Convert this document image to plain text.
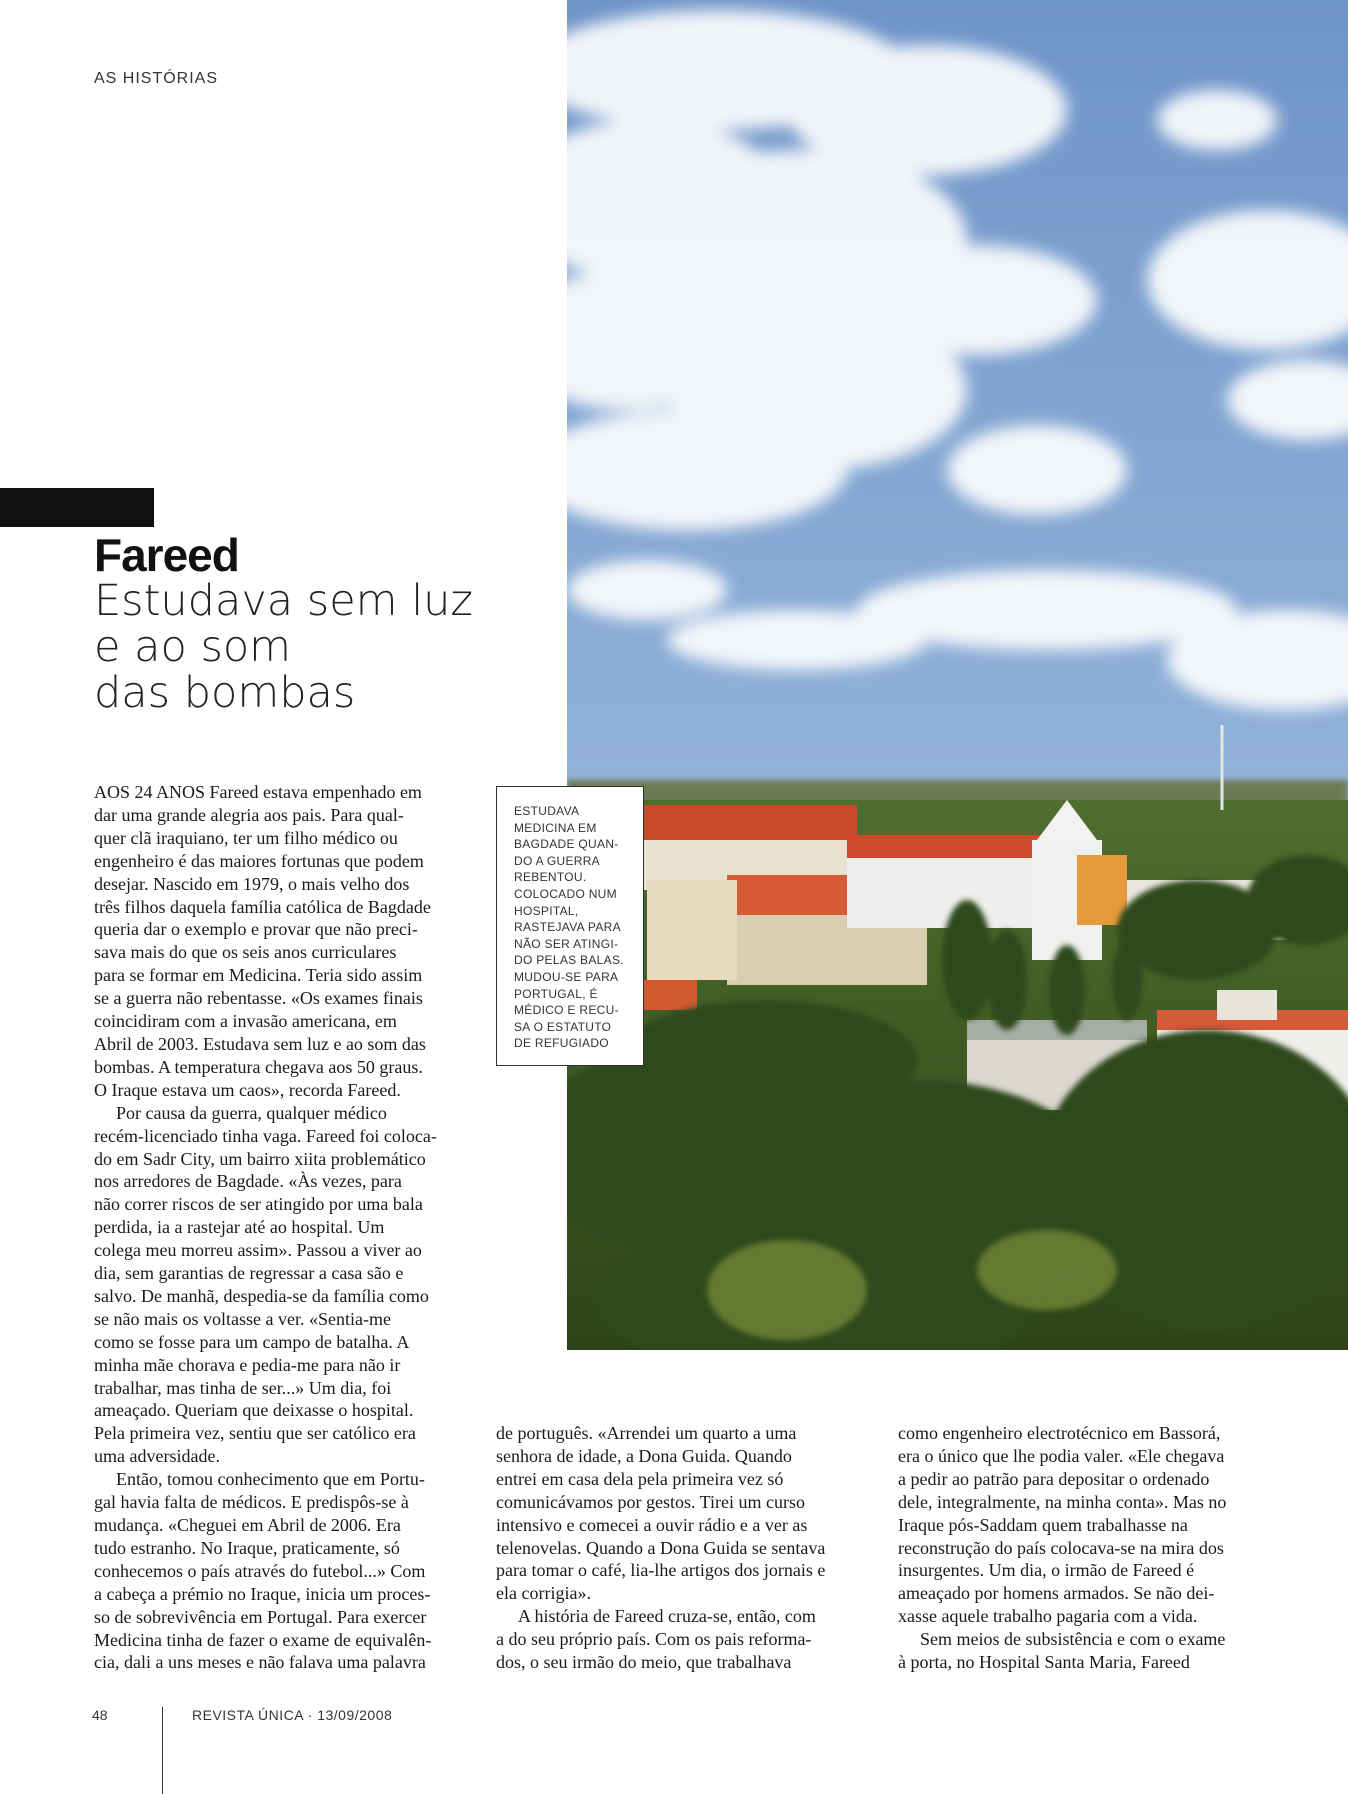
AS HISTÓRIAS
Fareed
Estudava sem luz
e ao som
das bombas
ESTUDAVA
MEDICINA EM
BAGDADE QUAN-
DO A GUERRA
REBENTOU.
COLOCADO NUM
HOSPITAL,
RASTEJAVA PARA
NÃO SER ATINGI-
DO PELAS BALAS.
MUDOU-SE PARA
PORTUGAL, É
MÉDICO E RECU-
SA O ESTATUTO
DE REFUGIADO
AOS 24 ANOS Fareed estava empenhado em
dar uma grande alegria aos pais. Para qual-
quer clã iraquiano, ter um filho médico ou
engenheiro é das maiores fortunas que podem
desejar. Nascido em 1979, o mais velho dos
três filhos daquela família católica de Bagdade
queria dar o exemplo e provar que não preci-
sava mais do que os seis anos curriculares
para se formar em Medicina. Teria sido assim
se a guerra não rebentasse. «Os exames finais
coincidiram com a invasão americana, em
Abril de 2003. Estudava sem luz e ao som das
bombas. A temperatura chegava aos 50 graus.
O Iraque estava um caos», recorda Fareed.
Por causa da guerra, qualquer médico
recém-licenciado tinha vaga. Fareed foi coloca-
do em Sadr City, um bairro xiita problemático
nos arredores de Bagdade. «Às vezes, para
não correr riscos de ser atingido por uma bala
perdida, ia a rastejar até ao hospital. Um
colega meu morreu assim». Passou a viver ao
dia, sem garantias de regressar a casa são e
salvo. De manhã, despedia-se da família como
se não mais os voltasse a ver. «Sentia-me
como se fosse para um campo de batalha. A
minha mãe chorava e pedia-me para não ir
trabalhar, mas tinha de ser...» Um dia, foi
ameaçado. Queriam que deixasse o hospital.
Pela primeira vez, sentiu que ser católico era
uma adversidade.
Então, tomou conhecimento que em Portu-
gal havia falta de médicos. E predispôs-se à
mudança. «Cheguei em Abril de 2006. Era
tudo estranho. No Iraque, praticamente, só
conhecemos o país através do futebol...» Com
a cabeça a prémio no Iraque, inicia um proces-
so de sobrevivência em Portugal. Para exercer
Medicina tinha de fazer o exame de equivalên-
cia, dali a uns meses e não falava uma palavra
de português. «Arrendei um quarto a uma
senhora de idade, a Dona Guida. Quando
entrei em casa dela pela primeira vez só
comunicávamos por gestos. Tirei um curso
intensivo e comecei a ouvir rádio e a ver as
telenovelas. Quando a Dona Guida se sentava
para tomar o café, lia-lhe artigos dos jornais e
ela corrigia».
A história de Fareed cruza-se, então, com
a do seu próprio país. Com os pais reforma-
dos, o seu irmão do meio, que trabalhava
como engenheiro electrotécnico em Bassorá,
era o único que lhe podia valer. «Ele chegava
a pedir ao patrão para depositar o ordenado
dele, integralmente, na minha conta». Mas no
Iraque pós-Saddam quem trabalhasse na
reconstrução do país colocava-se na mira dos
insurgentes. Um dia, o irmão de Fareed é
ameaçado por homens armados. Se não dei-
xasse aquele trabalho pagaria com a vida.
Sem meios de subsistência e com o exame
à porta, no Hospital Santa Maria, Fareed
48	REVISTA ÚNICA · 13/09/2008
